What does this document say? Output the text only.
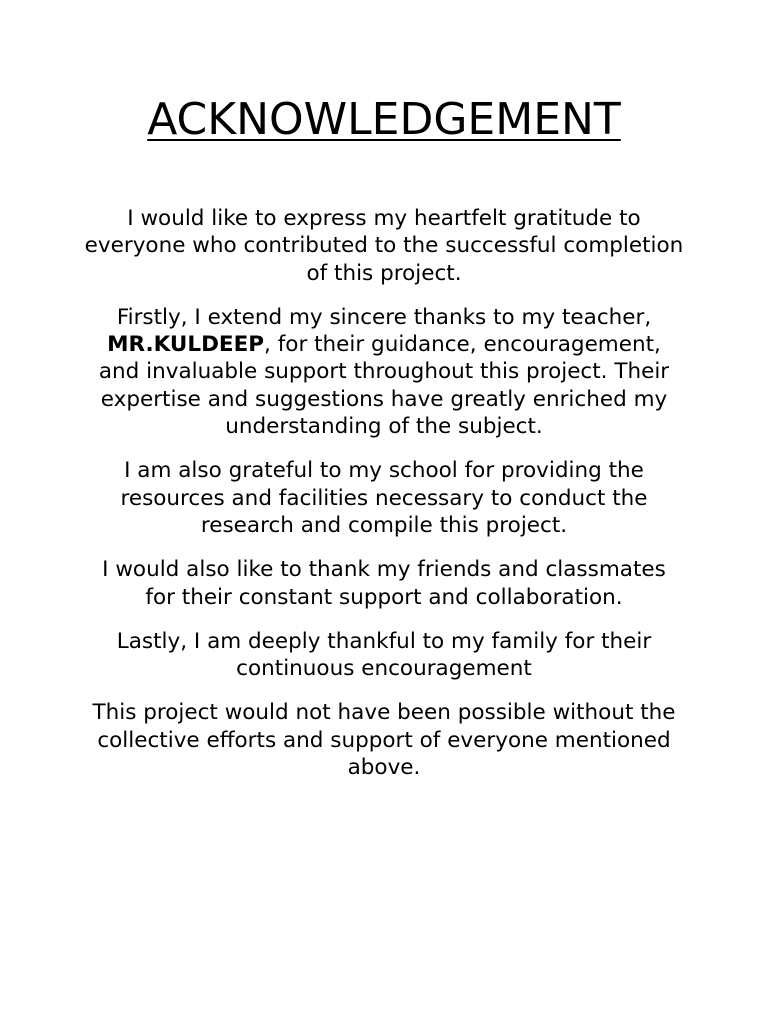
ACKNOWLEDGEMENT

I would like to express my heartfelt gratitude to everyone who contributed to the successful completion of this project.

Firstly, I extend my sincere thanks to my teacher,
MR.KULDEEP, for their guidance, encouragement, and invaluable support throughout this project. Their expertise and suggestions have greatly enriched my understanding of the subject.

I am also grateful to my school for providing the resources and facilities necessary to conduct the research and compile this project.

I would also like to thank my friends and classmates for their constant support and collaboration.

Lastly, I am deeply thankful to my family for their continuous encouragement

This project would not have been possible without the collective efforts and support of everyone mentioned above.
